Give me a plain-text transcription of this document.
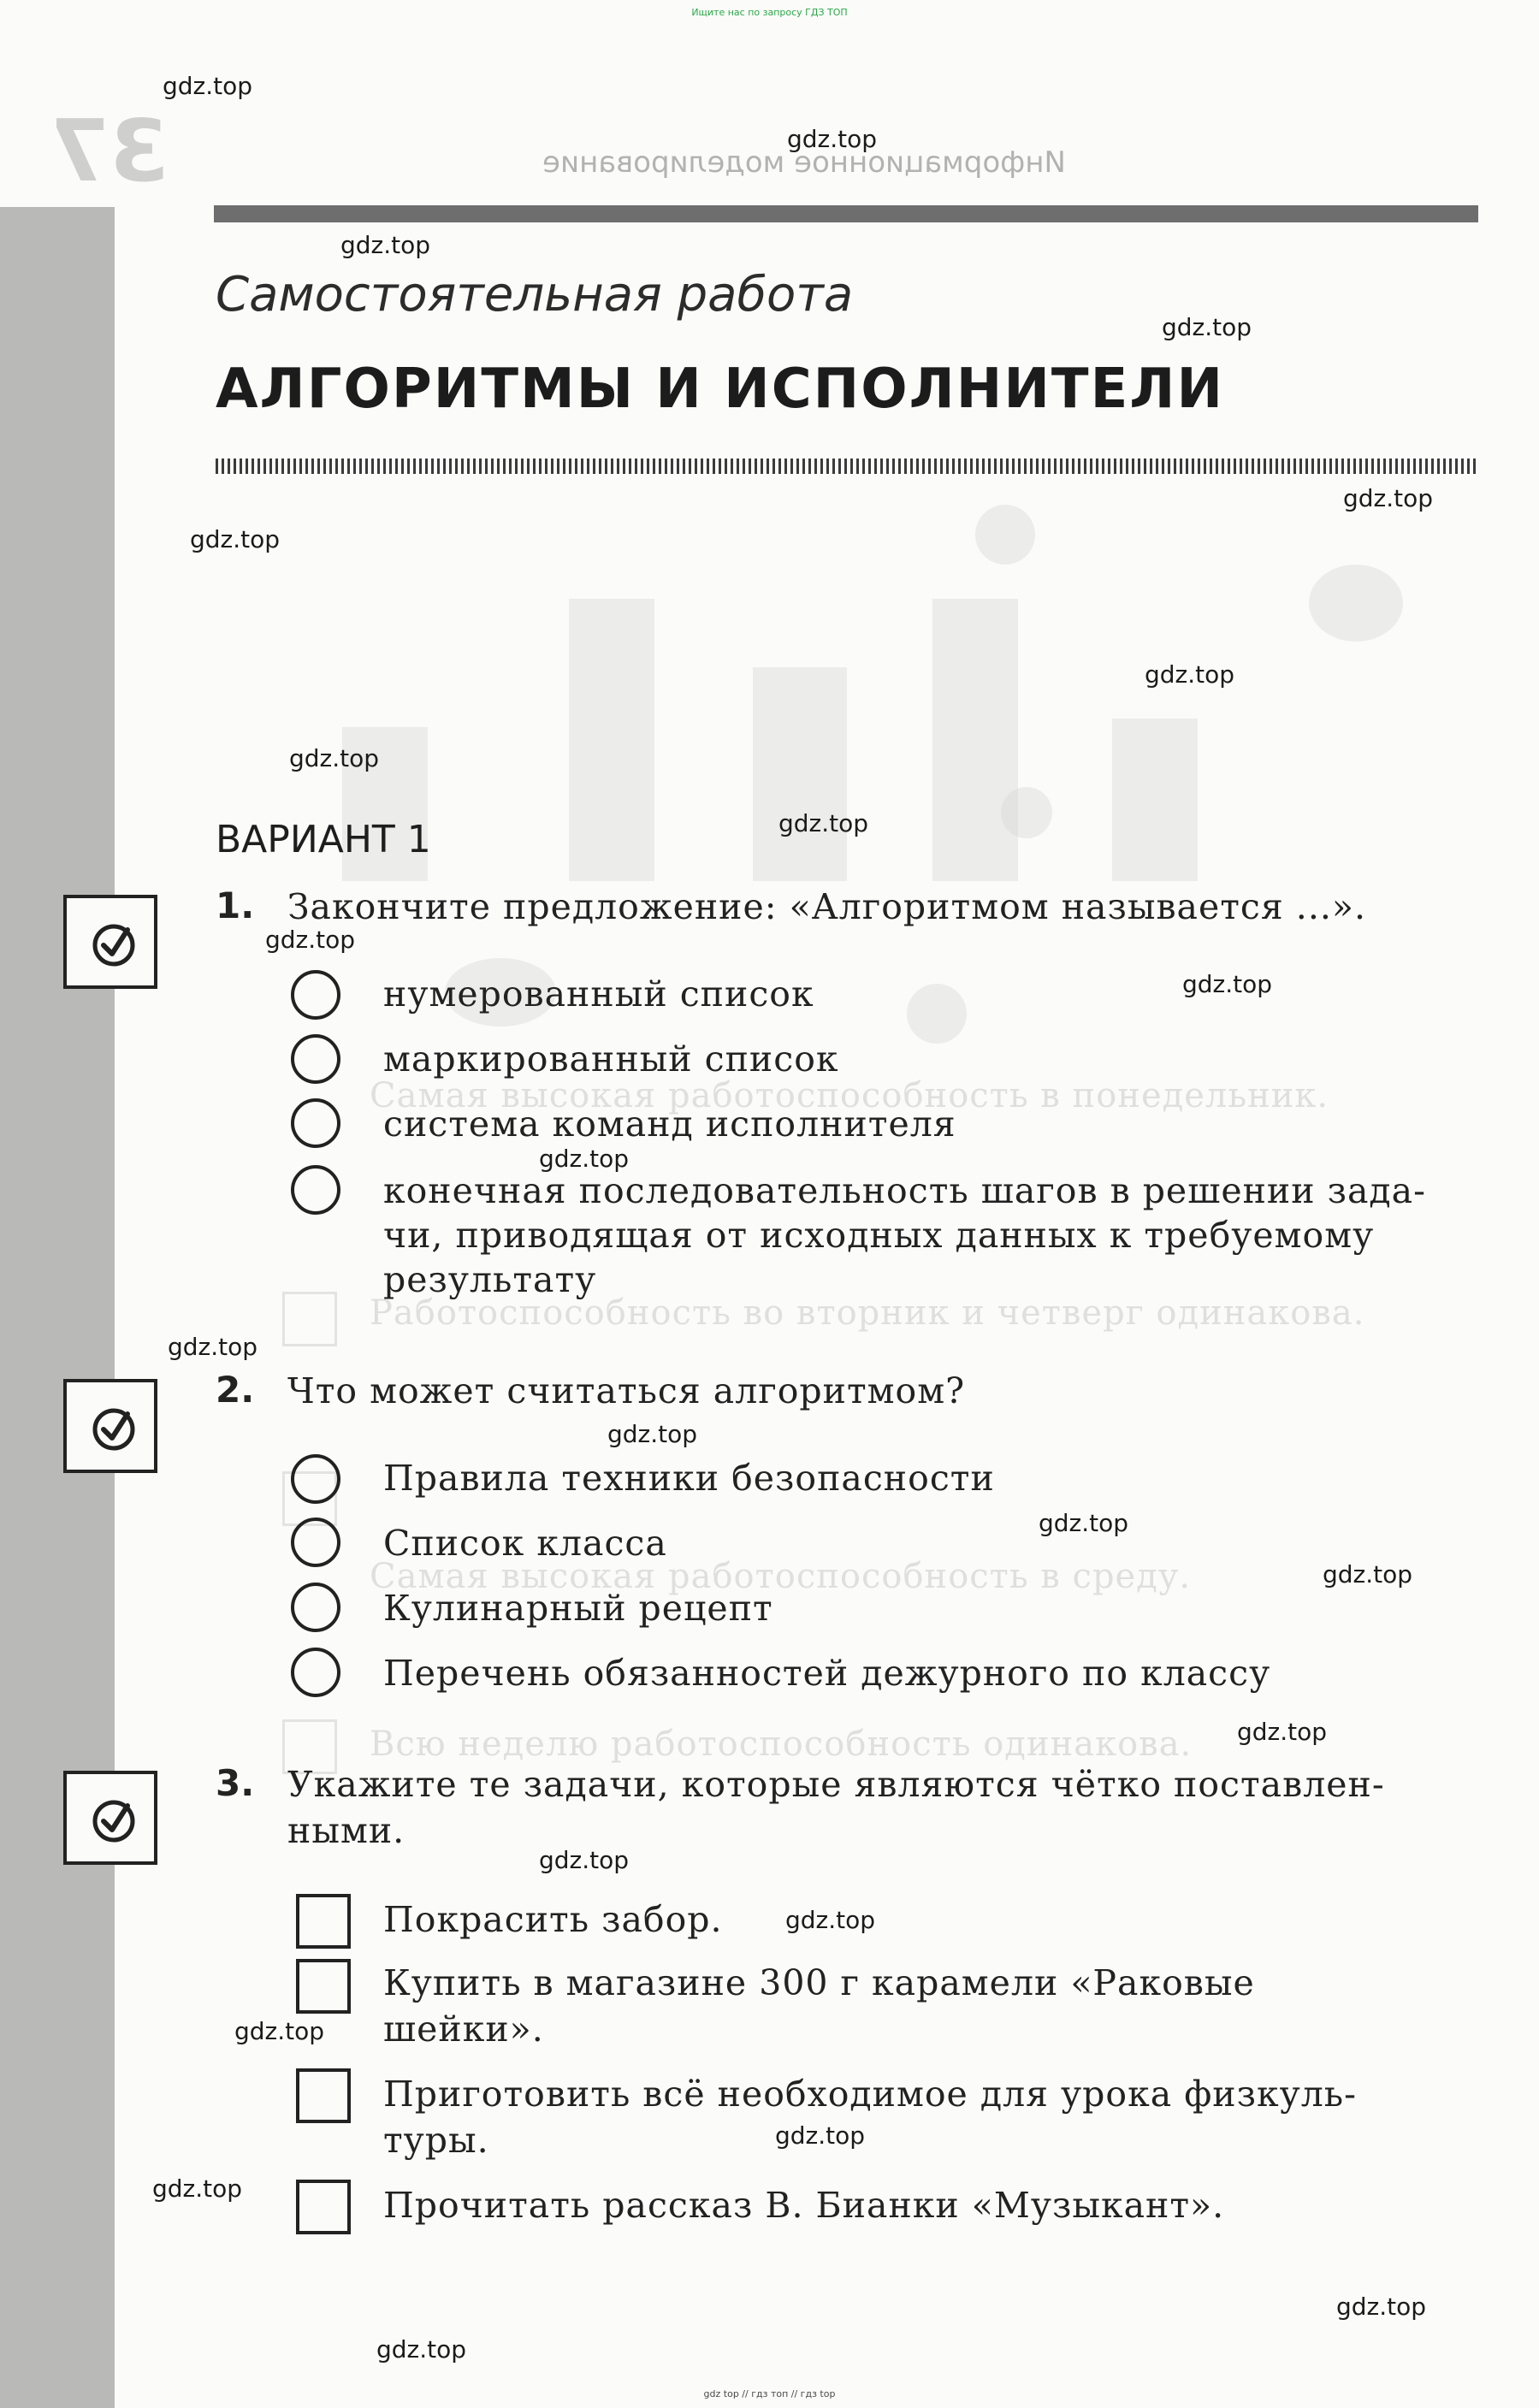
37	Информационное моделирование
Самая высокая работоспособность в понедельник.
Работоспособность во вторник и четверг одинакова.
Самая высокая работоспособность в среду.
Всю неделю работоспособность одинакова.
Ищите нас по запросу ГДЗ ТОП
gdz top // гдз топ // гдз top
Самостоятельная работа
АЛГОРИТМЫ И ИСПОЛНИТЕЛИ
ВАРИАНТ 1
1. Закончите предложение: «Алгоритмом называется ...».
нумерованный список
маркированный список
система команд исполнителя
конечная последовательность шагов в решении зада-
чи, приводящая от исходных данных к требуемому
результату
2. Что может считаться алгоритмом?
Правила техники безопасности
Список класса
Кулинарный рецепт
Перечень обязанностей дежурного по классу
3. Укажите те задачи, которые являются чётко поставлен-
ными.
Покрасить забор.
Купить в магазине 300 г карамели «Раковые
шейки».
Приготовить всё необходимое для урока физкуль-
туры.
Прочитать рассказ В. Бианки «Музыкант».
gdz.top
gdz.top
gdz.top
gdz.top
gdz.top
gdz.top
gdz.top
gdz.top
gdz.top
gdz.top
gdz.top
gdz.top
gdz.top
gdz.top
gdz.top
gdz.top
gdz.top
gdz.top
gdz.top
gdz.top
gdz.top
gdz.top
gdz.top
gdz.top
